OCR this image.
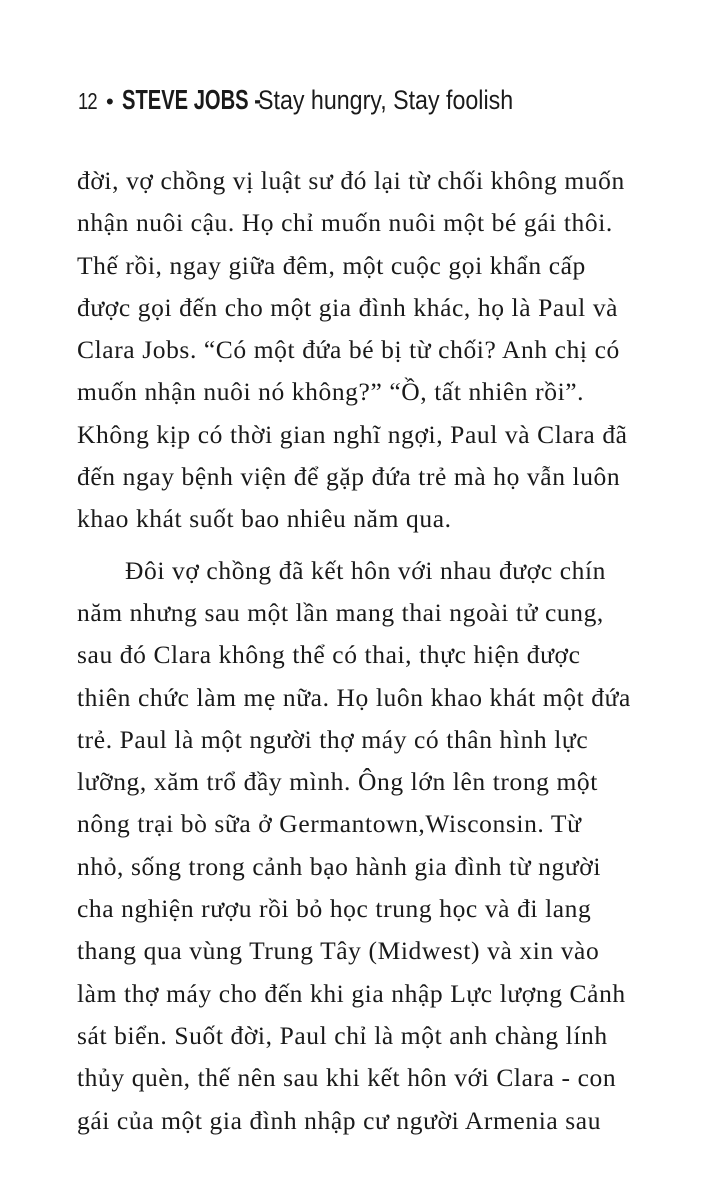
12 • STEVE JOBS -
Stay hungry, Stay foolish
đời, vợ chồng vị luật sư đó lại từ chối không muốn
nhận nuôi cậu. Họ chỉ muốn nuôi một bé gái thôi.
Thế rồi, ngay giữa đêm, một cuộc gọi khẩn cấp
được gọi đến cho một gia đình khác, họ là Paul và
Clara Jobs. “Có một đứa bé bị từ chối? Anh chị có
muốn nhận nuôi nó không?” “Ồ, tất nhiên rồi”.
Không kịp có thời gian nghĩ ngợi, Paul và Clara đã
đến ngay bệnh viện để gặp đứa trẻ mà họ vẫn luôn
khao khát suốt bao nhiêu năm qua.
Đôi vợ chồng đã kết hôn với nhau được chín
năm nhưng sau một lần mang thai ngoài tử cung,
sau đó Clara không thể có thai, thực hiện được
thiên chức làm mẹ nữa. Họ luôn khao khát một đứa
trẻ. Paul là một người thợ máy có thân hình lực
lưỡng, xăm trổ đầy mình. Ông lớn lên trong một
nông trại bò sữa ở Germantown,Wisconsin. Từ
nhỏ, sống trong cảnh bạo hành gia đình từ người
cha nghiện rượu rồi bỏ học trung học và đi lang
thang qua vùng Trung Tây (Midwest) và xin vào
làm thợ máy cho đến khi gia nhập Lực lượng Cảnh
sát biển. Suốt đời, Paul chỉ là một anh chàng lính
thủy quèn, thế nên sau khi kết hôn với Clara - con
gái của một gia đình nhập cư người Armenia sau
